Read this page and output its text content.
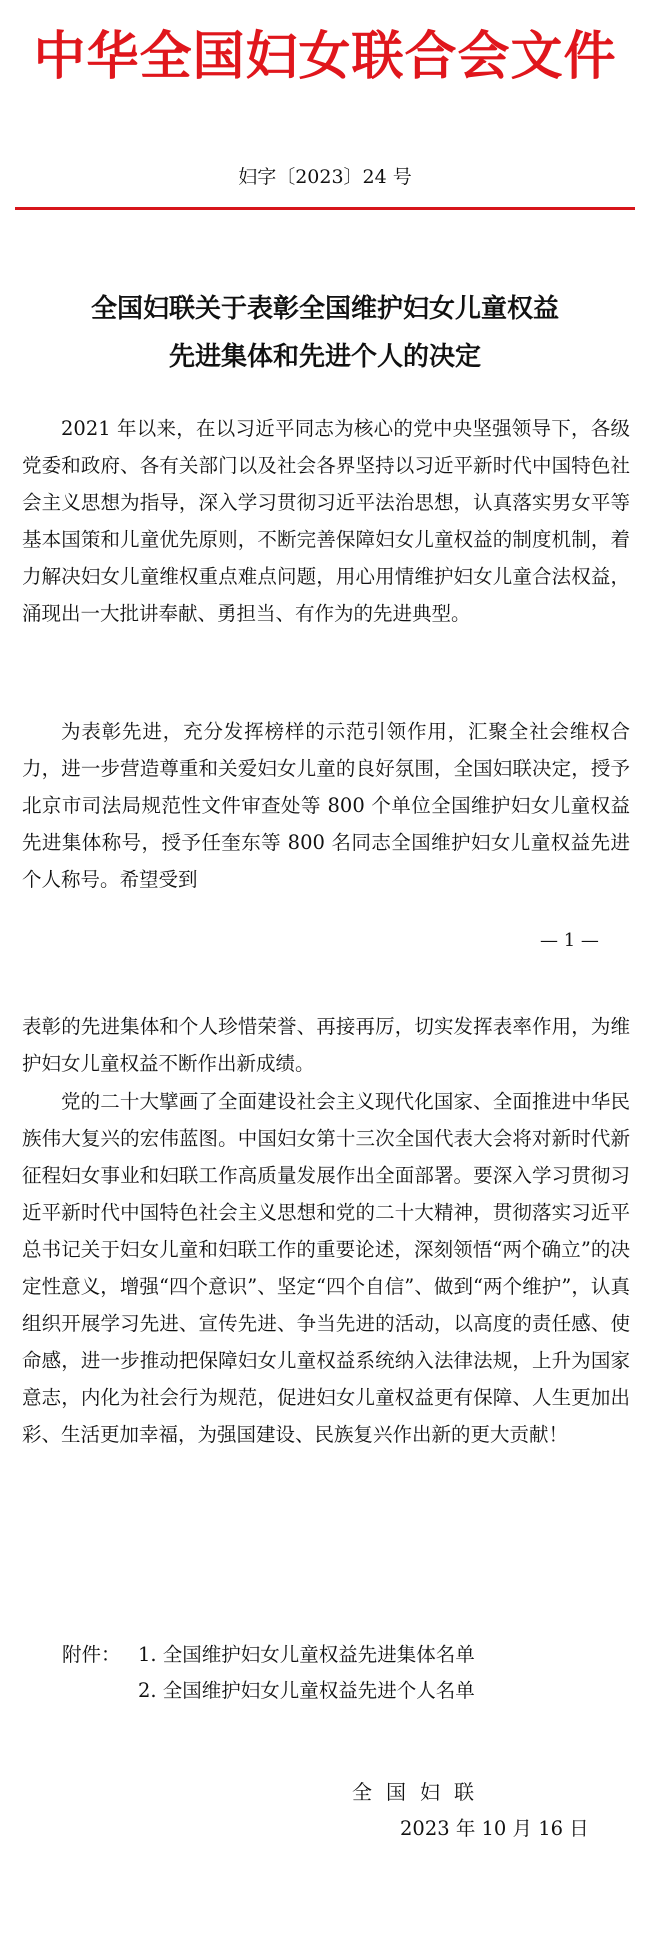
中华全国妇女联合会文件
妇字〔2023〕24 号
全国妇联关于表彰全国维护妇女儿童权益
先进集体和先进个人的决定

2021 年以来，在以习近平同志为核心的党中央坚强领导下，各级党委和政府、各有关部门以及社会各界坚持以习近平新时代中国特色社会主义思想为指导，深入学习贯彻习近平法治思想，认真落实男女平等基本国策和儿童优先原则，不断完善保障妇女儿童权益的制度机制，着力解决妇女儿童维权重点难点问题，用心用情维护妇女儿童合法权益，涌现出一大批讲奉献、勇担当、有作为的先进典型。

为表彰先进，充分发挥榜样的示范引领作用，汇聚全社会维权合力，进一步营造尊重和关爱妇女儿童的良好氛围，全国妇联决定，授予北京市司法局规范性文件审查处等 800 个单位全国维护妇女儿童权益先进集体称号，授予任奎东等 800 名同志全国维护妇女儿童权益先进个人称号。希望受到

— 1 —

表彰的先进集体和个人珍惜荣誉、再接再厉，切实发挥表率作用，为维护妇女儿童权益不断作出新成绩。

党的二十大擘画了全面建设社会主义现代化国家、全面推进中华民族伟大复兴的宏伟蓝图。中国妇女第十三次全国代表大会将对新时代新征程妇女事业和妇联工作高质量发展作出全面部署。要深入学习贯彻习近平新时代中国特色社会主义思想和党的二十大精神，贯彻落实习近平总书记关于妇女儿童和妇联工作的重要论述，深刻领悟“两个确立”的决定性意义，增强“四个意识”、坚定“四个自信”、做到“两个维护”，认真组织开展学习先进、宣传先进、争当先进的活动，以高度的责任感、使命感，进一步推动把保障妇女儿童权益系统纳入法律法规，上升为国家意志，内化为社会行为规范，促进妇女儿童权益更有保障、人生更加出彩、生活更加幸福，为强国建设、民族复兴作出新的更大贡献！

附件： 1. 全国维护妇女儿童权益先进集体名单
2. 全国维护妇女儿童权益先进个人名单
全国妇联
2023 年 10 月 16 日
